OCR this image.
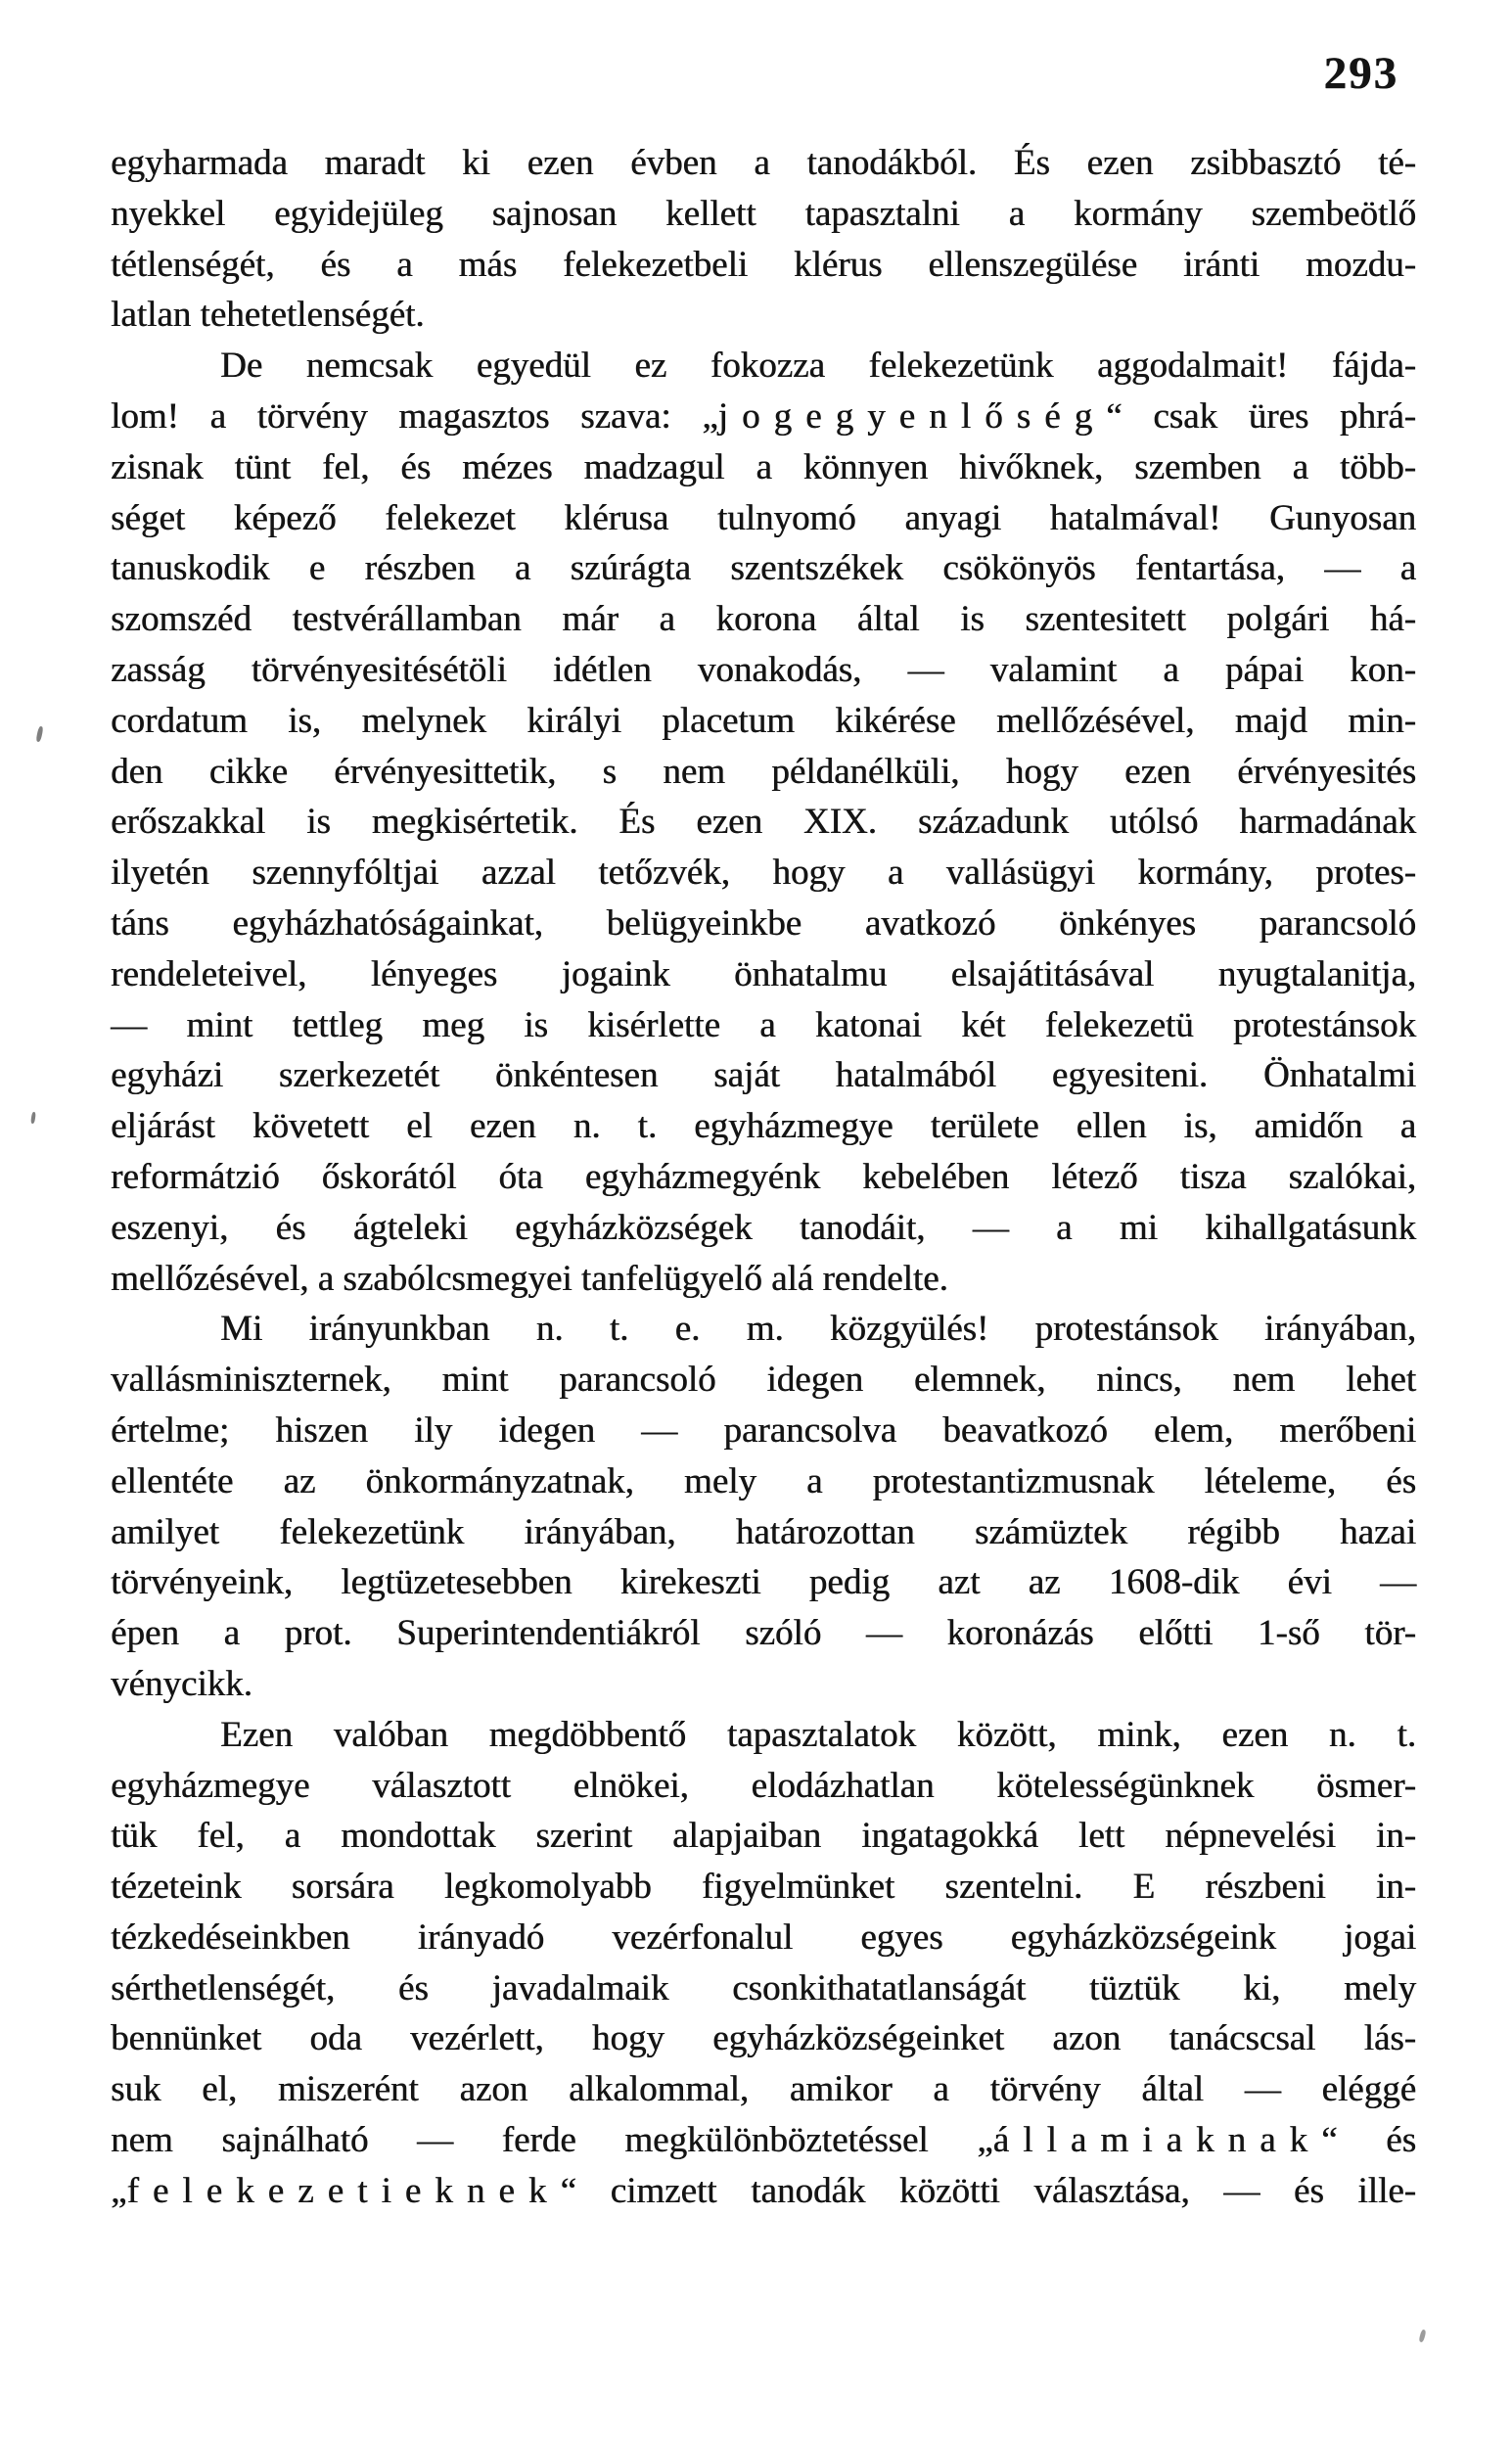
293
egyharmada maradt ki ezen évben a tanodákból. És ezen zsibbasztó té-
nyekkel egyidejüleg sajnosan kellett tapasztalni a kormány szembeötlő
tétlenségét, és a más felekezetbeli klérus ellenszegülése iránti mozdu-
latlan tehetetlenségét.
De nemcsak egyedül ez fokozza felekezetünk aggodalmait! fájda-
lom! a törvény magasztos szava: „jogegyenlőség“ csak üres phrá-
zisnak tünt fel, és mézes madzagul a könnyen hivőknek, szemben a több-
séget képező felekezet klérusa tulnyomó anyagi hatalmával! Gunyosan
tanuskodik e részben a szúrágta szentszékek csökönyös fentartása, — a
szomszéd testvérállamban már a korona által is szentesitett polgári há-
zasság törvényesitésétöli idétlen vonakodás, — valamint a pápai kon-
cordatum is, melynek királyi placetum kikérése mellőzésével, majd min-
den cikke érvényesittetik, s nem példanélküli, hogy ezen érvényesités
erőszakkal is megkisértetik. És ezen XIX. századunk utólsó harmadának
ilyetén szennyfóltjai azzal tetőzvék, hogy a vallásügyi kormány, protes-
táns egyházhatóságainkat, belügyeinkbe avatkozó önkényes parancsoló
rendeleteivel, lényeges jogaink önhatalmu elsajátitásával nyugtalanitja,
— mint tettleg meg is kisérlette a katonai két felekezetü protestánsok
egyházi szerkezetét önkéntesen saját hatalmából egyesiteni. Önhatalmi
eljárást követett el ezen n. t. egyházmegye területe ellen is, amidőn a
reformátzió őskorától óta egyházmegyénk kebelében létező tisza szalókai,
eszenyi, és ágteleki egyházközségek tanodáit, — a mi kihallgatásunk
mellőzésével, a szabólcsmegyei tanfelügyelő alá rendelte.
Mi irányunkban n. t. e. m. közgyülés! protestánsok irányában,
vallásminiszternek, mint parancsoló idegen elemnek, nincs, nem lehet
értelme; hiszen ily idegen — parancsolva beavatkozó elem, merőbeni
ellentéte az önkormányzatnak, mely a protestantizmusnak lételeme, és
amilyet felekezetünk irányában, határozottan számüztek régibb hazai
törvényeink, legtüzetesebben kirekeszti pedig azt az 1608-dik évi —
épen a prot. Superintendentiákról szóló — koronázás előtti 1-ső tör-
vénycikk.
Ezen valóban megdöbbentő tapasztalatok között, mink, ezen n. t.
egyházmegye választott elnökei, elodázhatlan kötelességünknek ösmer-
tük fel, a mondottak szerint alapjaiban ingatagokká lett népnevelési in-
tézeteink sorsára legkomolyabb figyelmünket szentelni. E részbeni in-
tézkedéseinkben irányadó vezérfonalul egyes egyházközségeink jogai
sérthetlenségét, és javadalmaik csonkithatatlanságát tüztük ki, mely
bennünket oda vezérlett, hogy egyházközségeinket azon tanácscsal lás-
suk el, miszerént azon alkalommal, amikor a törvény által — eléggé
nem sajnálható — ferde megkülönböztetéssel „államiaknak“ és
„felekezetieknek“ cimzett tanodák közötti választása, — és ille-
